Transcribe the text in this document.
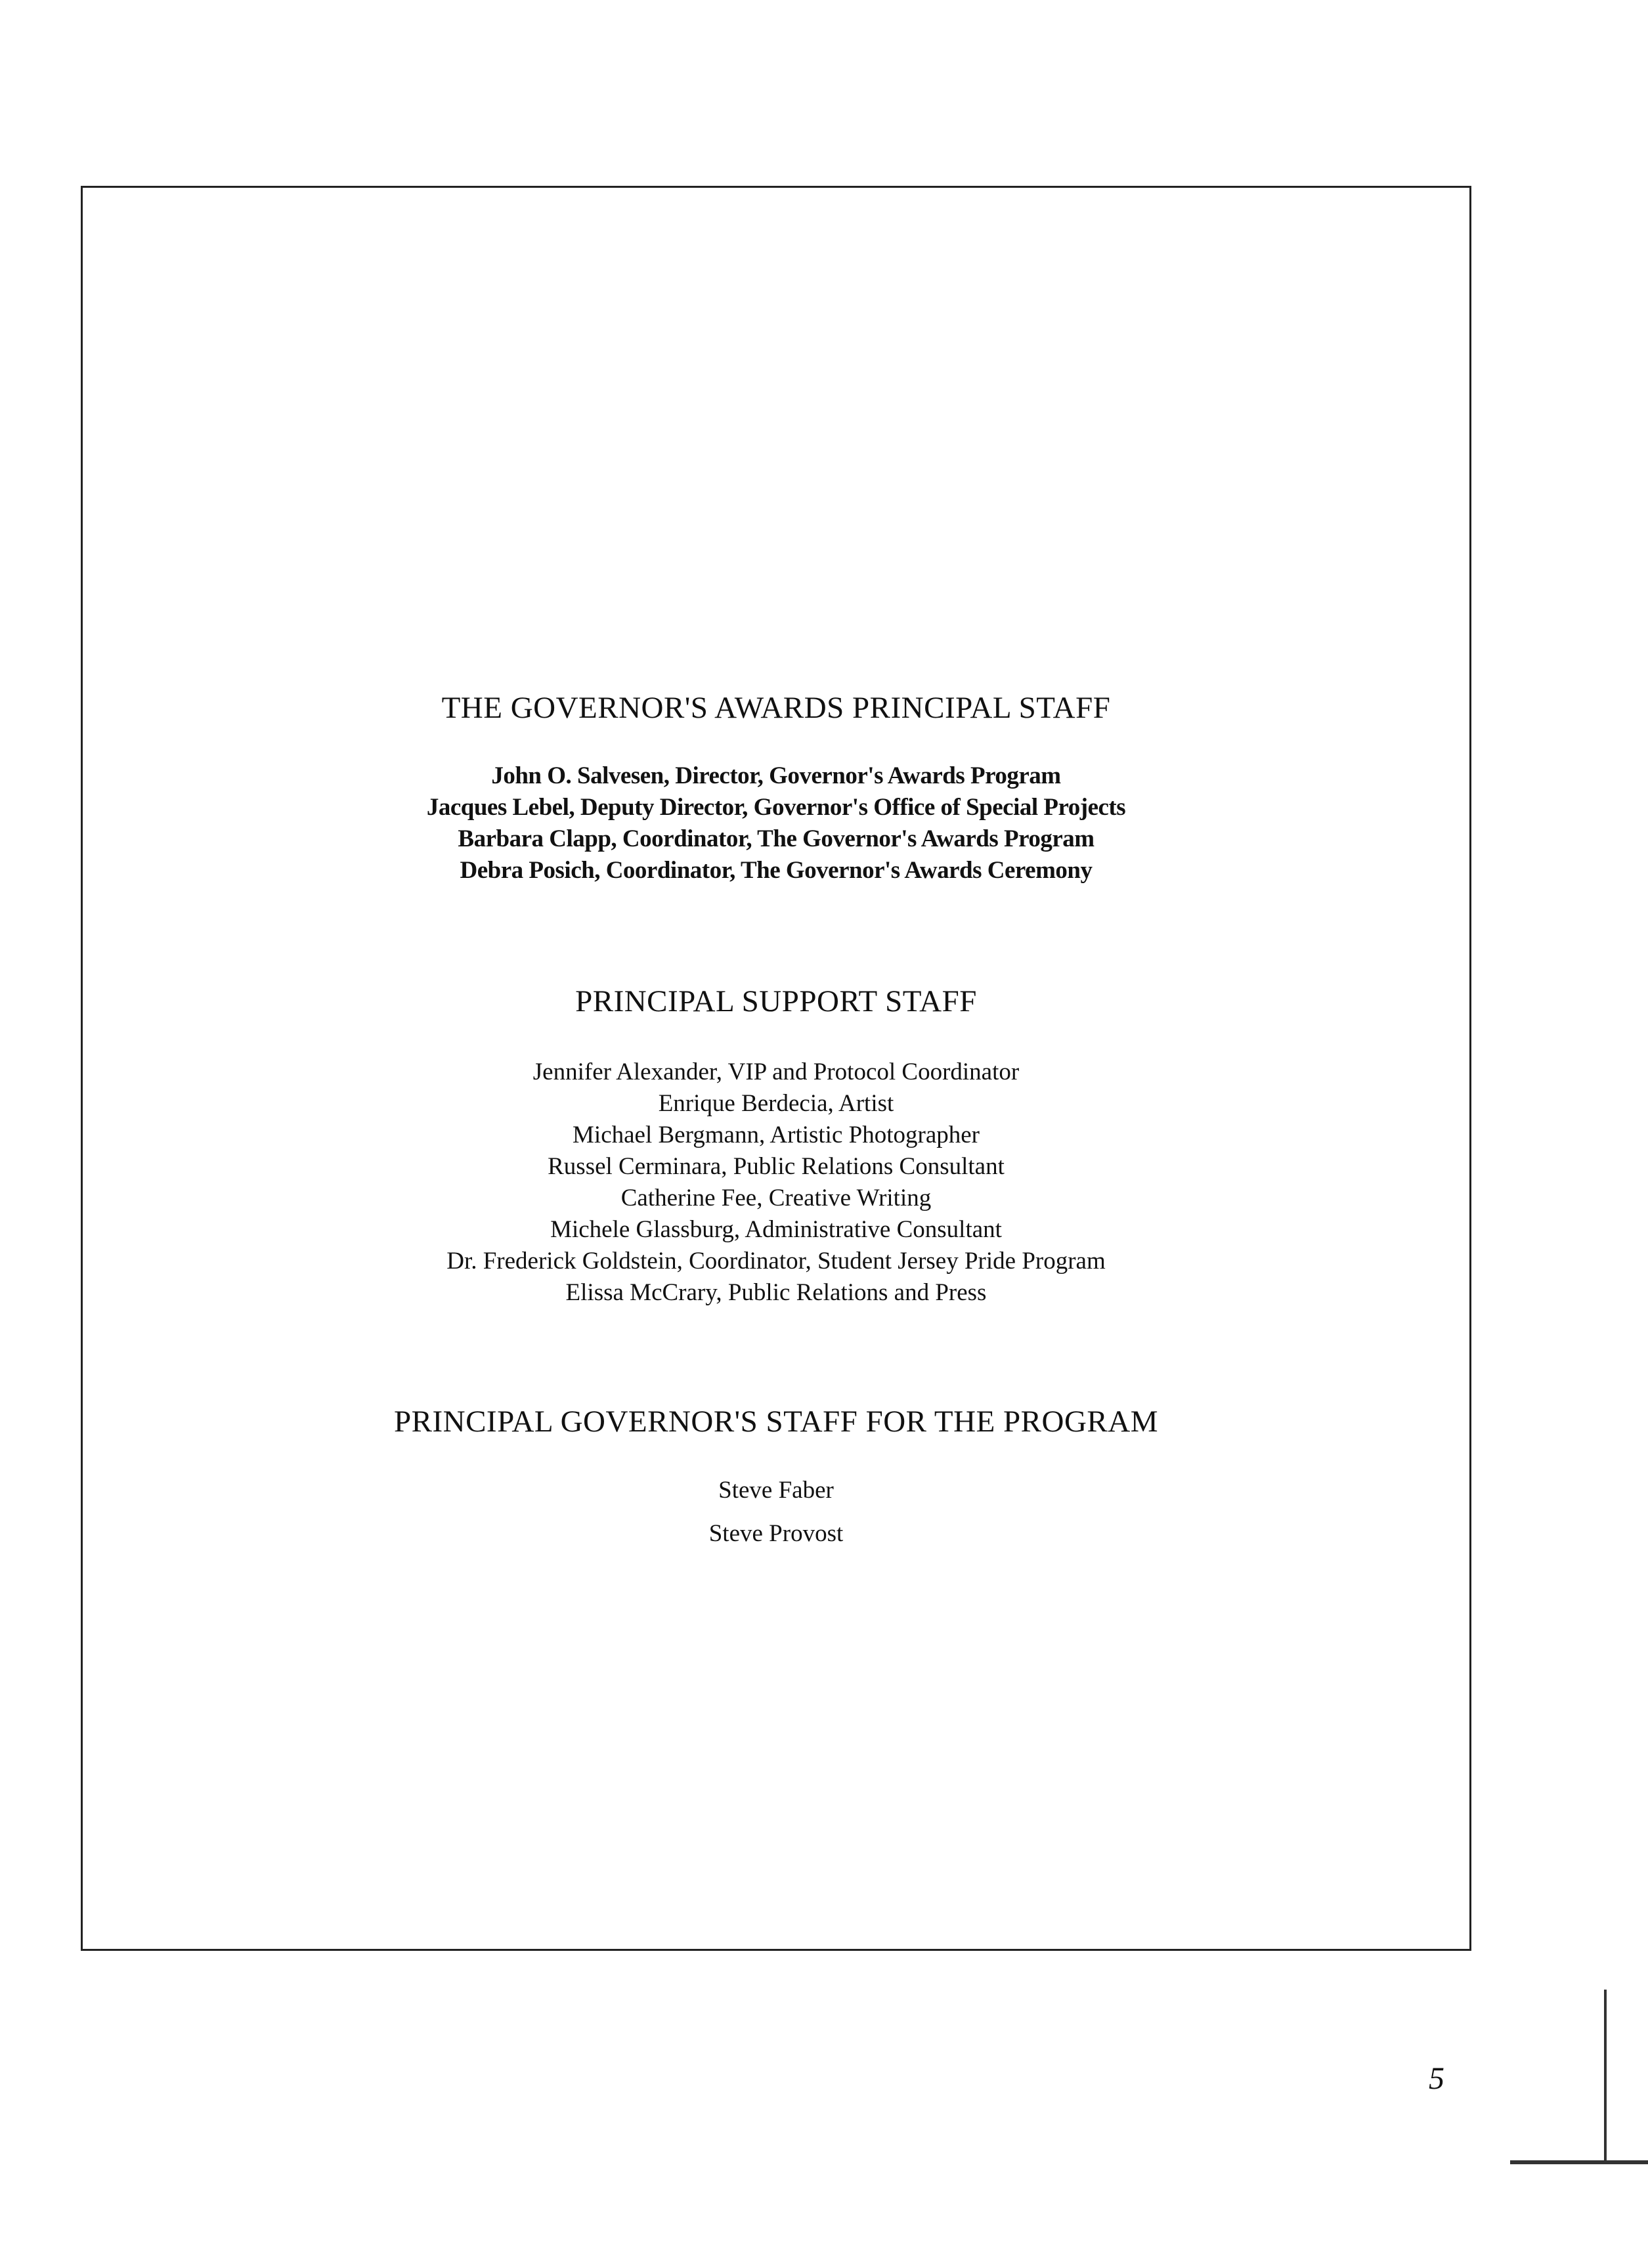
THE GOVERNOR'S AWARDS PRINCIPAL STAFF
John O. Salvesen, Director, Governor's Awards Program
Jacques Lebel, Deputy Director, Governor's Office of Special Projects
Barbara Clapp, Coordinator, The Governor's Awards Program
Debra Posich, Coordinator, The Governor's Awards Ceremony
PRINCIPAL SUPPORT STAFF
Jennifer Alexander, VIP and Protocol Coordinator
Enrique Berdecia, Artist
Michael Bergmann, Artistic Photographer
Russel Cerminara, Public Relations Consultant
Catherine Fee, Creative Writing
Michele Glassburg, Administrative Consultant
Dr. Frederick Goldstein, Coordinator, Student Jersey Pride Program
Elissa McCrary, Public Relations and Press
PRINCIPAL GOVERNOR'S STAFF FOR THE PROGRAM
Steve Faber
Steve Provost
5
